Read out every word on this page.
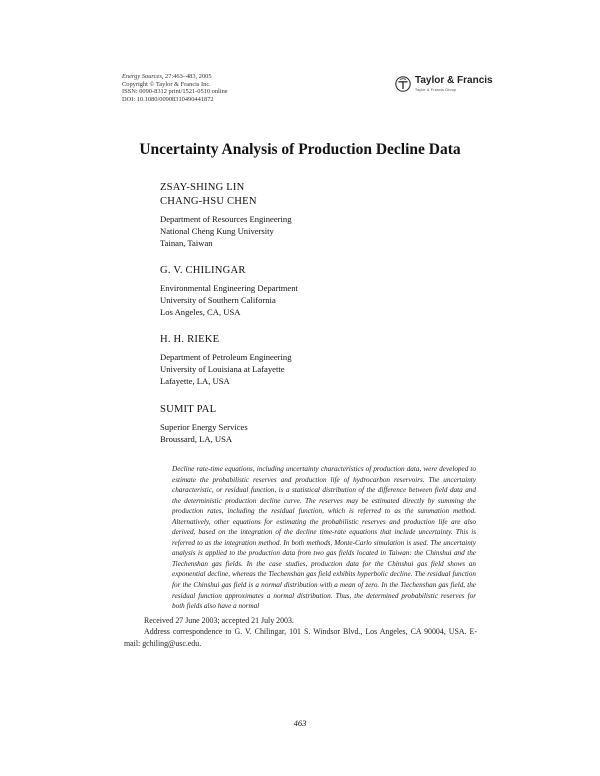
Energy Sources, 27:463–483, 2005
Copyright © Taylor & Francis Inc.
ISSN: 0090-8312 print/1521-0510 online
DOI: 10.1080/00908310490441872
Taylor & Francis
Taylor & Francis Group
Uncertainty Analysis of Production Decline Data
ZSAY-SHING LIN
CHANG-HSU CHEN
Department of Resources Engineering
National Cheng Kung University
Tainan, Taiwan
G. V. CHILINGAR
Environmental Engineering Department
University of Southern California
Los Angeles, CA, USA
H. H. RIEKE
Department of Petroleum Engineering
University of Louisiana at Lafayette
Lafayette, LA, USA
SUMIT PAL
Superior Energy Services
Broussard, LA, USA
Decline rate-time equations, including uncertainty characteristics of production data, were developed to estimate the probabilistic reserves and production life of hydrocarbon reservoirs. The uncertainty characteristic, or residual function, is a statistical distribution of the difference between field data and the deterministic production decline curve. The reserves may be estimated directly by summing the production rates, including the residual function, which is referred to as the summation method. Alternatively, other equations for estimating the probabilistic reserves and production life are also derived, based on the integration of the decline time-rate equations that include uncertainty. This is referred to as the integration method. In both methods, Monte-Carlo simulation is used. The uncertainty analysis is applied to the production data from two gas fields located in Taiwan: the Chinshui and the Tiechenshan gas fields. In the case studies, production data for the Chinshui gas field shows an exponential decline, whereas the Tiechenshan gas field exhibits hyperbolic decline. The residual function for the Chinshui gas field is a normal distribution with a mean of zero. In the Tiechenshan gas field, the residual function approximates a normal distribution. Thus, the determined probabilistic reserves for both fields also have a normal

Received 27 June 2003; accepted 21 July 2003.

Address correspondence to G. V. Chilingar, 101 S. Windsor Blvd., Los Angeles, CA 90004, USA. E-mail: gchiling@usc.edu.

463
